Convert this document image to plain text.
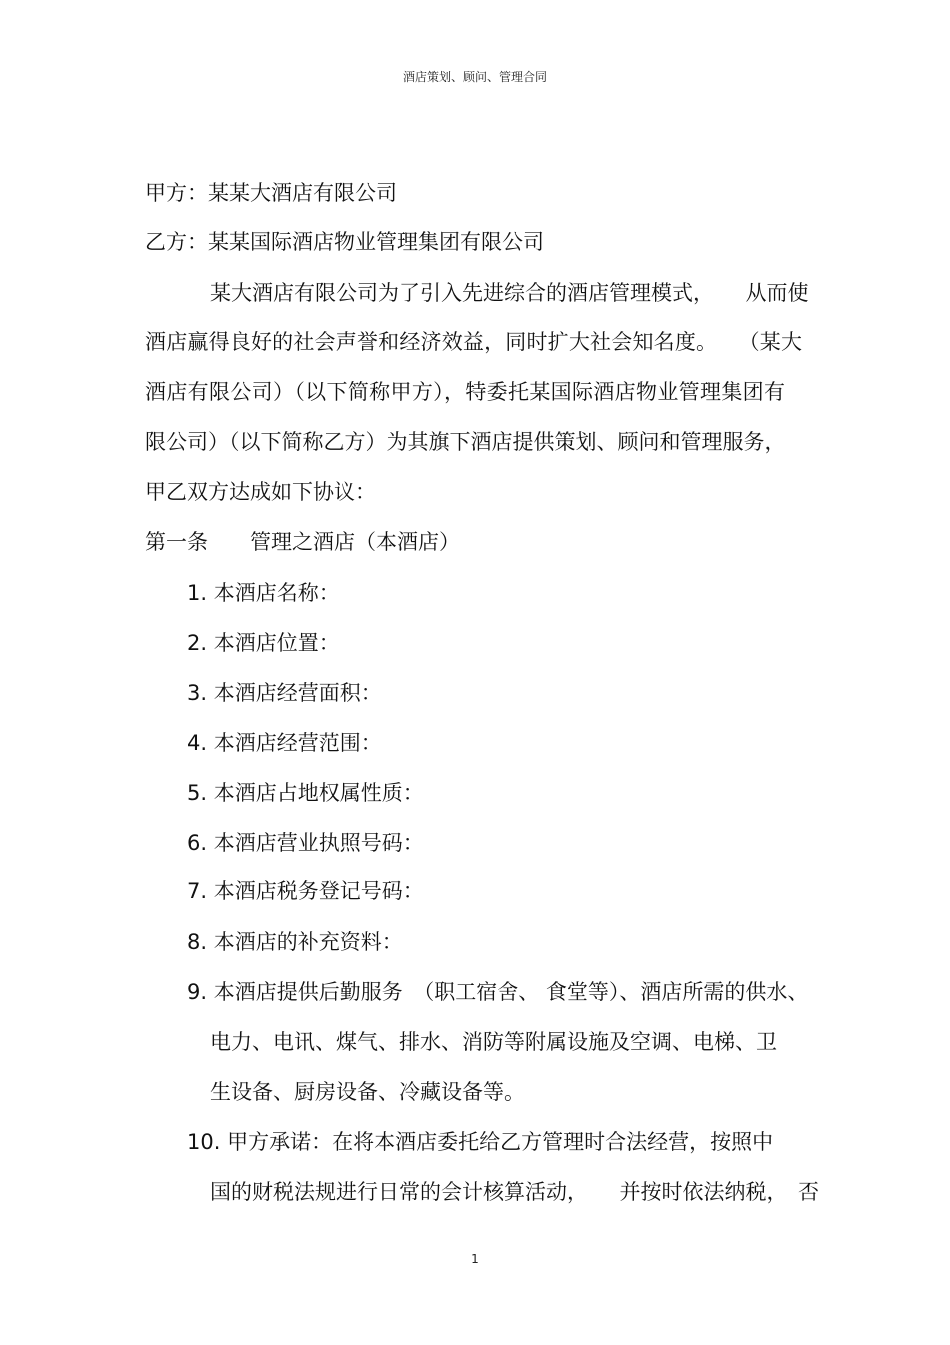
酒店策划、顾问、管理合同
甲方：某某大酒店有限公司
乙方：某某国际酒店物业管理集团有限公司
某大酒店有限公司为了引入先进综合的酒店管理模式，　　从而使
酒店赢得良好的社会声誉和经济效益，同时扩大社会知名度。　　（某大
酒店有限公司）（以下简称甲方），特委托某国际酒店物业管理集团有
限公司）（以下简称乙方）为其旗下酒店提供策划、顾问和管理服务，
甲乙双方达成如下协议：
第一条　　管理之酒店（本酒店）
1. 本酒店名称：
2. 本酒店位置：
3. 本酒店经营面积：
4. 本酒店经营范围：
5. 本酒店占地权属性质：
6. 本酒店营业执照号码：
7. 本酒店税务登记号码：
8. 本酒店的补充资料：
9. 本酒店提供后勤服务　（职工宿舍、 食堂等）、酒店所需的供水、
电力、电讯、煤气、排水、消防等附属设施及空调、电梯、卫
生设备、厨房设备、冷藏设备等。
10. 甲方承诺：在将本酒店委托给乙方管理时合法经营，按照中
国的财税法规进行日常的会计核算活动，　　并按时依法纳税，　否
1
